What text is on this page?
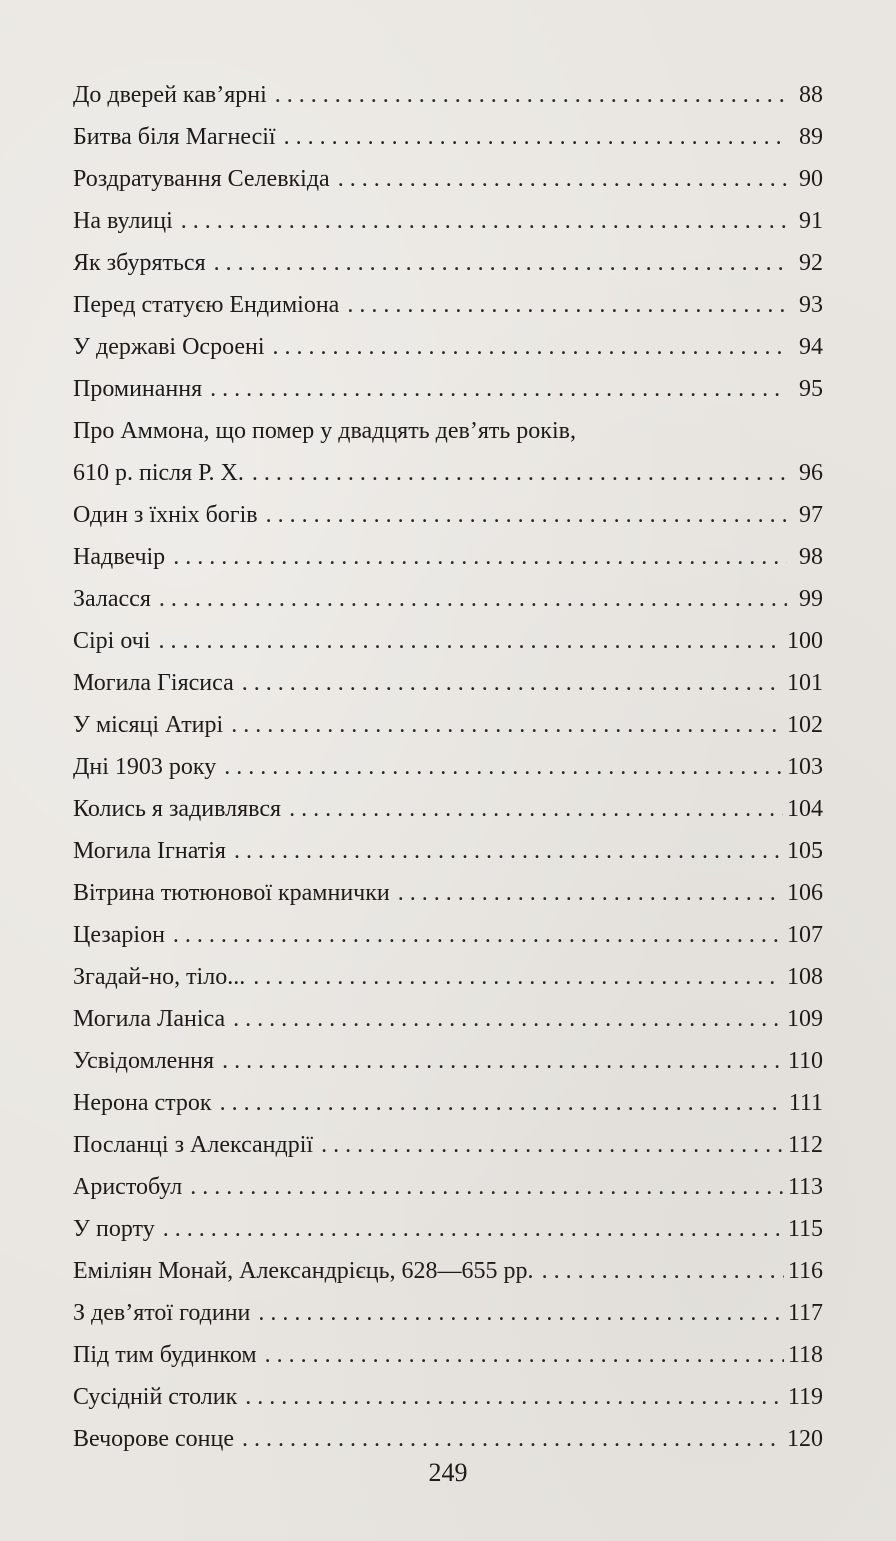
До дверей кав’ярні . . .	88
Битва біля Магнесії . . .	89
Роздратування Селевкіда . . .	90
На вулиці . . .	91
Як збуряться . . .	92
Перед статуєю Ендиміона . . .	93
У державі Осроені . . .	94
Проминання . . .	95
Про Аммона, що помер у двадцять дев’ять років,
610 р. після Р. Х. . . .	96
Один з їхніх богів . . .	97
Надвечір . . .	98
Заласся . . .	99
Сірі очі . . .	100
Могила Гіясиса . . .	101
У місяці Атирі . . .	102
Дні 1903 року . . .	103
Колись я задивлявся . . .	104
Могила Ігнатія . . .	105
Вітрина тютюнової крамнички . . .	106
Цезаріон . . .	107
Згадай-но, тіло... . . .	108
Могила Ланіса . . .	109
Усвідомлення . . .	110
Нерона строк . . .	111
Посланці з Александрії . . .	112
Аристобул . . .	113
У порту . . .	115
Еміліян Монай, Александрієць, 628—655 рр. . . .	116
З дев’ятої години . . .	117
Під тим будинком . . .	118
Сусідній столик . . .	119
Вечорове сонце . . .	120
249
